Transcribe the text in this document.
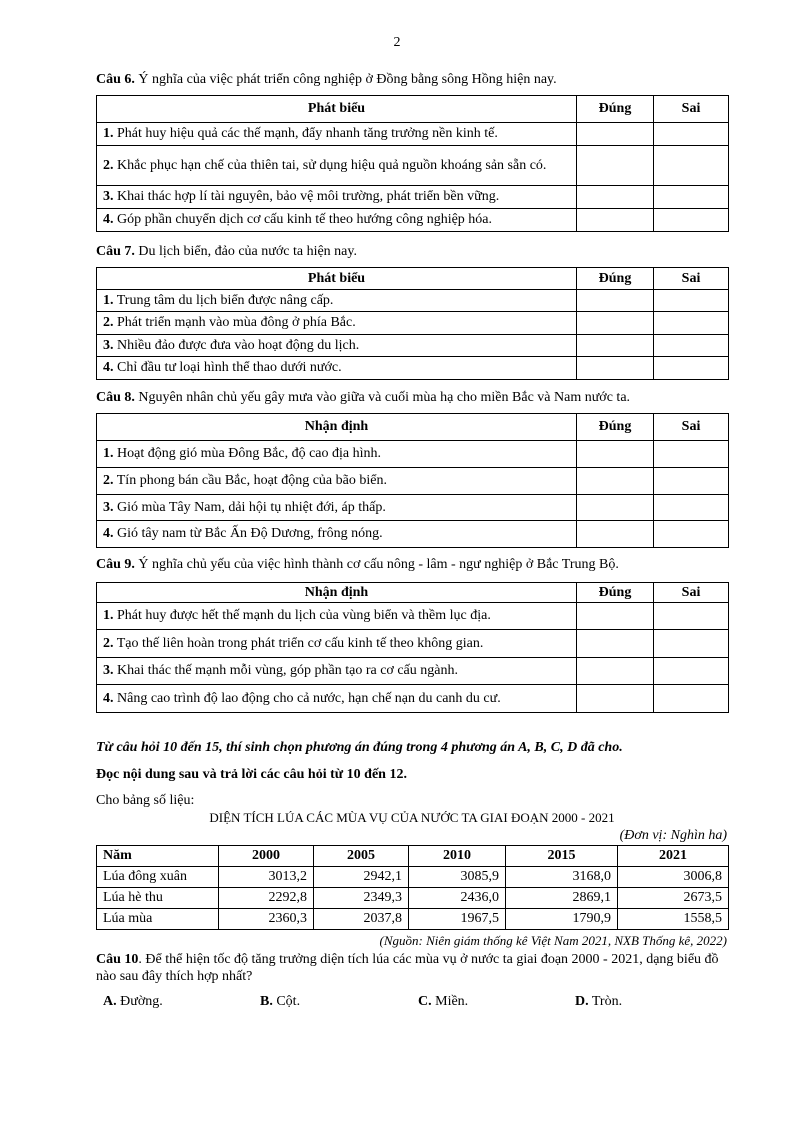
2
Câu 6. Ý nghĩa của việc phát triển công nghiệp ở Đồng bằng sông Hồng hiện nay.
Phát biểu	Đúng	Sai
1. Phát huy hiệu quả các thế mạnh, đẩy nhanh tăng trưởng nền kinh tế.		
2. Khắc phục hạn chế của thiên tai, sử dụng hiệu quả nguồn khoáng sản sẵn có.		
3. Khai thác hợp lí tài nguyên, bảo vệ môi trường, phát triển bền vững.		
4. Góp phần chuyển dịch cơ cấu kinh tế theo hướng công nghiệp hóa.		
Câu 7. Du lịch biển, đảo của nước ta hiện nay.
Phát biểu	Đúng	Sai
1. Trung tâm du lịch biển được nâng cấp.		
2. Phát triển mạnh vào mùa đông ở phía Bắc.		
3. Nhiều đảo được đưa vào hoạt động du lịch.		
4. Chỉ đầu tư loại hình thể thao dưới nước.		
Câu 8. Nguyên nhân chủ yếu gây mưa vào giữa và cuối mùa hạ cho miền Bắc và Nam nước ta.
Nhận định	Đúng	Sai
1. Hoạt động gió mùa Đông Bắc, độ cao địa hình.		
2. Tín phong bán cầu Bắc, hoạt động của bão biển.		
3. Gió mùa Tây Nam, dải hội tụ nhiệt đới, áp thấp.		
4. Gió tây nam từ Bắc Ấn Độ Dương, frông nóng.		
Câu 9. Ý nghĩa chủ yếu của việc hình thành cơ cấu nông - lâm - ngư nghiệp ở Bắc Trung Bộ.
Nhận định	Đúng	Sai
1. Phát huy được hết thế mạnh du lịch của vùng biển và thềm lục địa.		
2. Tạo thế liên hoàn trong phát triển cơ cấu kinh tế theo không gian.		
3. Khai thác thế mạnh mỗi vùng, góp phần tạo ra cơ cấu ngành.		
4. Nâng cao trình độ lao động cho cả nước, hạn chế nạn du canh du cư.		
Từ câu hỏi 10 đến 15, thí sinh chọn phương án đúng trong 4 phương án A, B, C, D đã cho.
Đọc nội dung sau và trả lời các câu hỏi từ 10 đến 12.
Cho bảng số liệu:
DIỆN TÍCH LÚA CÁC MÙA VỤ CỦA NƯỚC TA GIAI ĐOẠN 2000 - 2021
(Đơn vị: Nghìn ha)
Năm	2000	2005	2010	2015	2021
Lúa đông xuân	3013,2	2942,1	3085,9	3168,0	3006,8
Lúa hè thu	2292,8	2349,3	2436,0	2869,1	2673,5
Lúa mùa	2360,3	2037,8	1967,5	1790,9	1558,5
(Nguồn: Niên giám thống kê Việt Nam 2021, NXB Thống kê, 2022)
Câu 10. Để thể hiện tốc độ tăng trưởng diện tích lúa các mùa vụ ở nước ta giai đoạn 2000 - 2021, dạng biểu đồ nào sau đây thích hợp nhất?
A. Đường.	B. Cột.	C. Miền.	D. Tròn.
